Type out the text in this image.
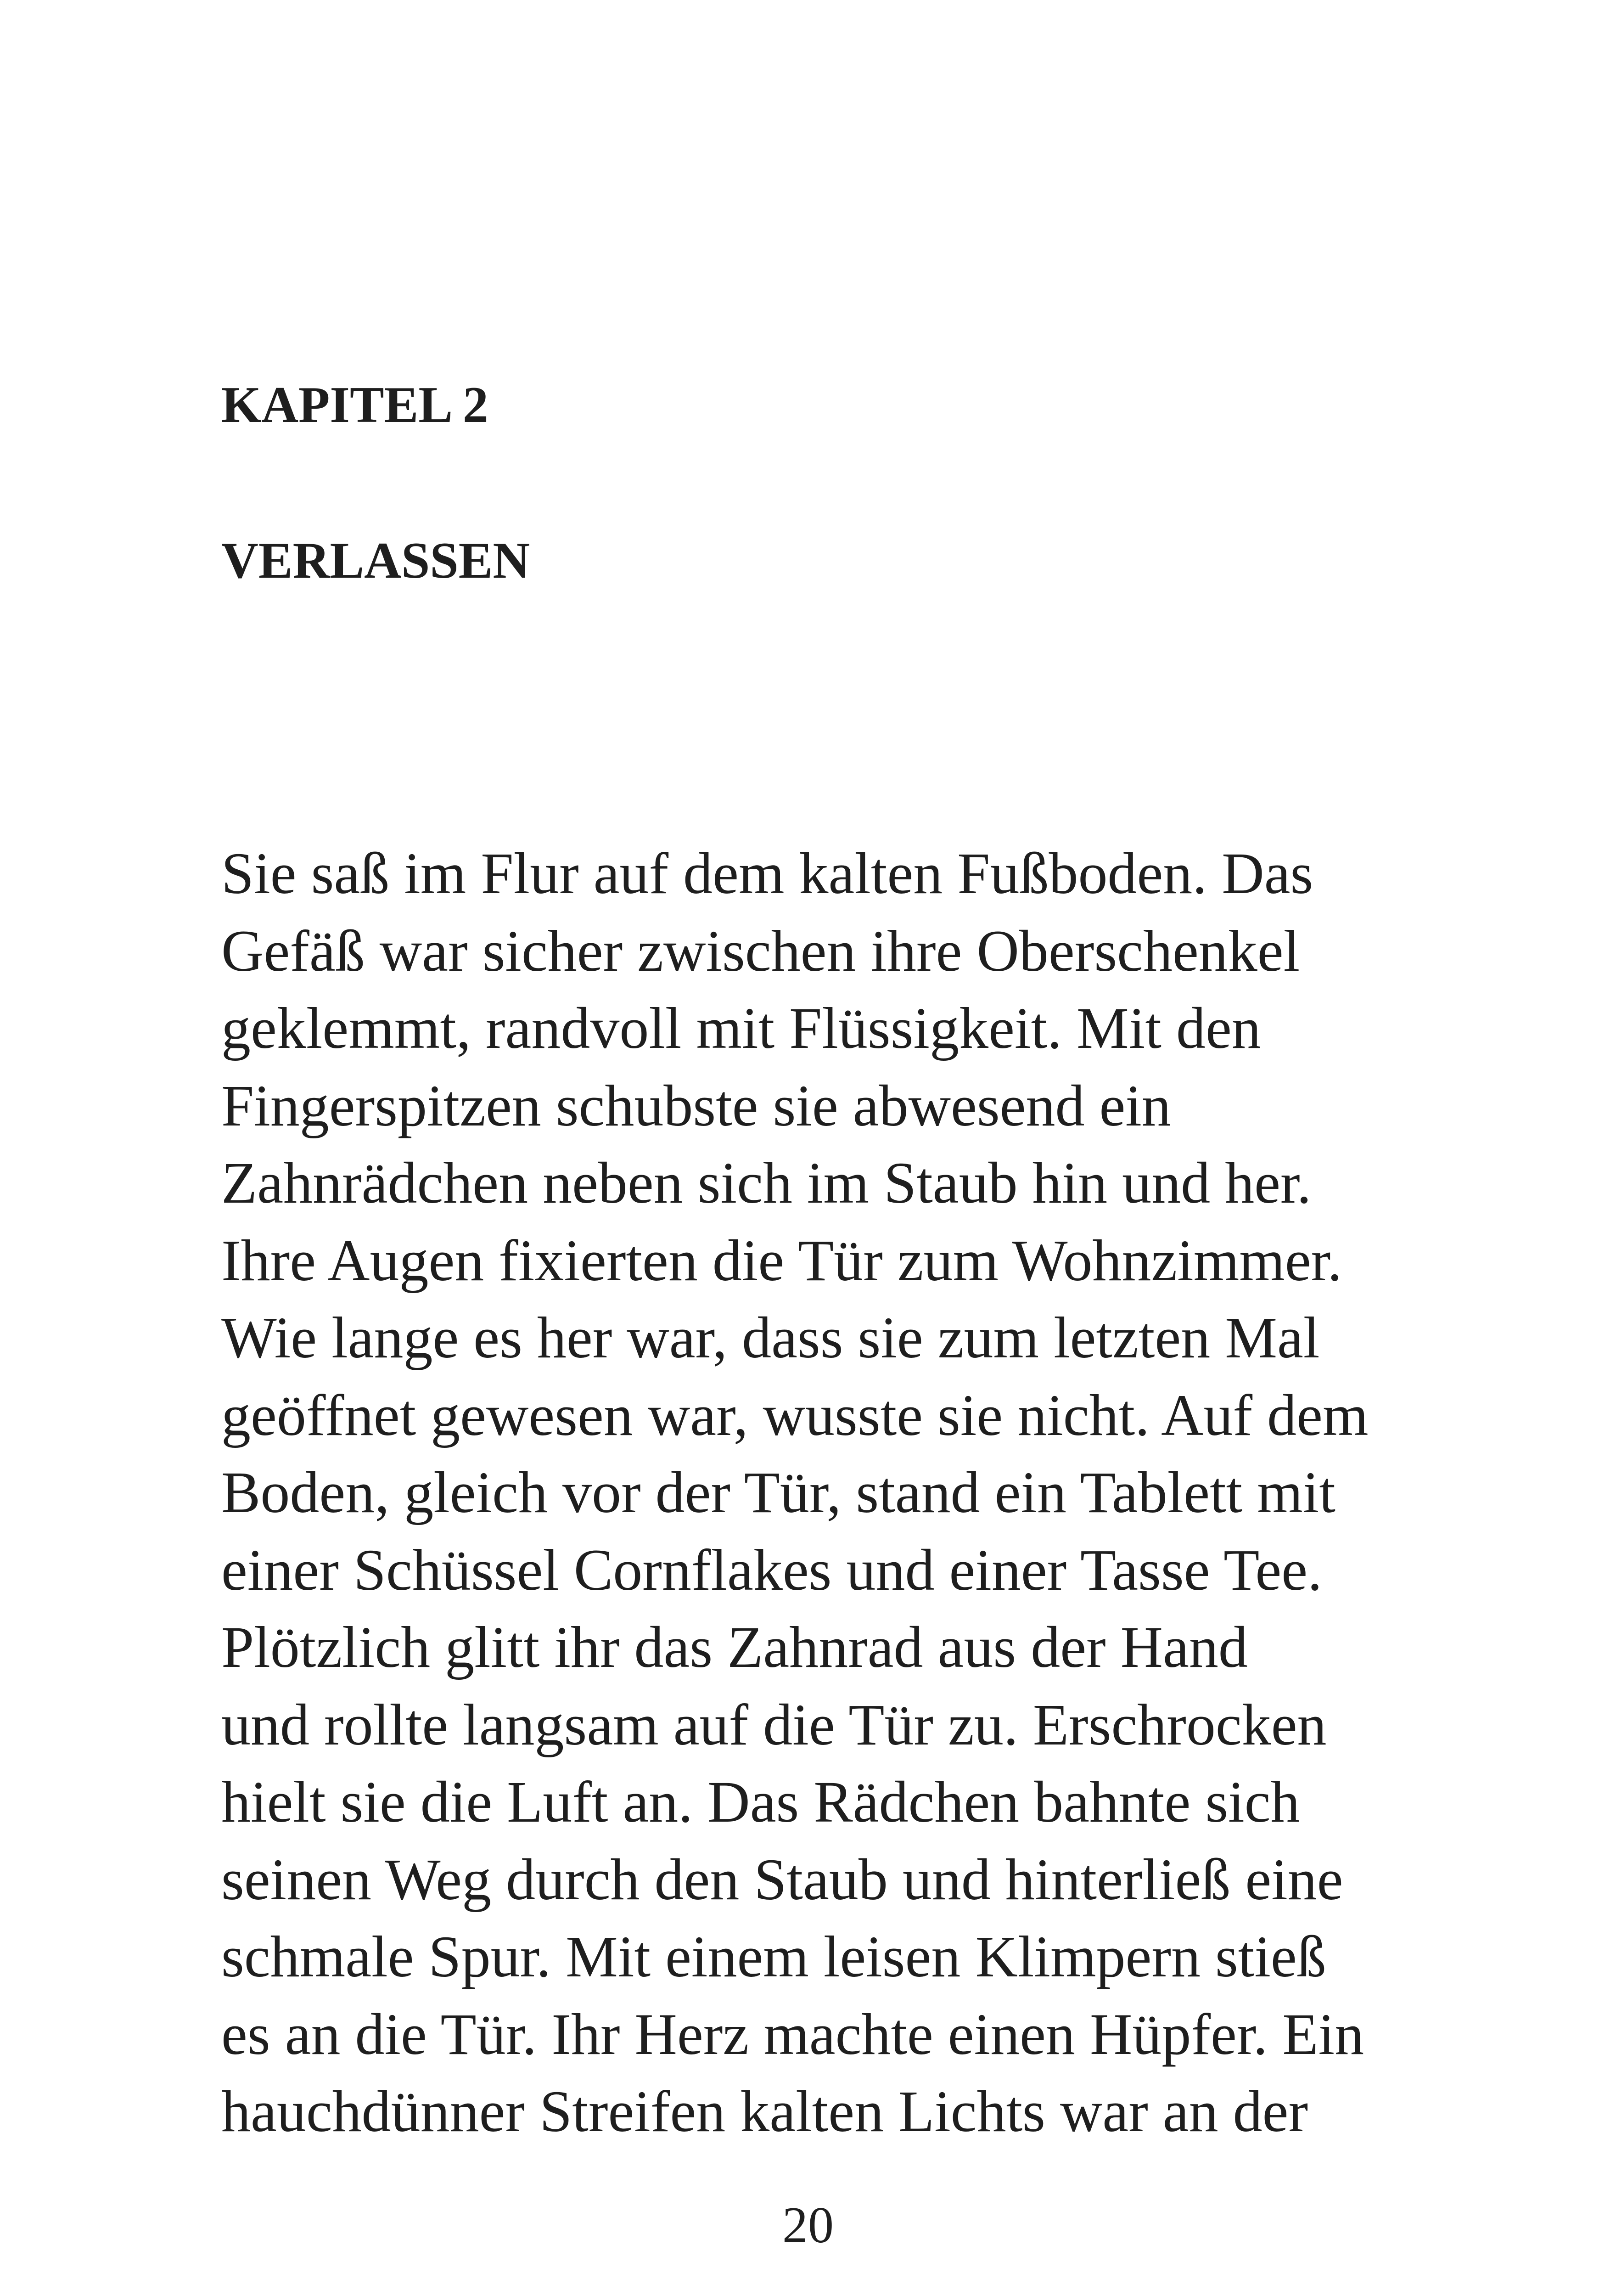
KAPITEL 2
VERLASSEN
Sie saß im Flur auf dem kalten Fußboden. Das
Gefäß war sicher zwischen ihre Oberschenkel
geklemmt, randvoll mit Flüssigkeit. Mit den
Fingerspitzen schubste sie abwesend ein
Zahnrädchen neben sich im Staub hin und her.
Ihre Augen fixierten die Tür zum Wohnzimmer.
Wie lange es her war, dass sie zum letzten Mal
geöffnet gewesen war, wusste sie nicht. Auf dem
Boden, gleich vor der Tür, stand ein Tablett mit
einer Schüssel Cornflakes und einer Tasse Tee.
Plötzlich glitt ihr das Zahnrad aus der Hand
und rollte langsam auf die Tür zu. Erschrocken
hielt sie die Luft an. Das Rädchen bahnte sich
seinen Weg durch den Staub und hinterließ eine
schmale Spur. Mit einem leisen Klimpern stieß
es an die Tür. Ihr Herz machte einen Hüpfer. Ein
hauchdünner Streifen kalten Lichts war an der
20
